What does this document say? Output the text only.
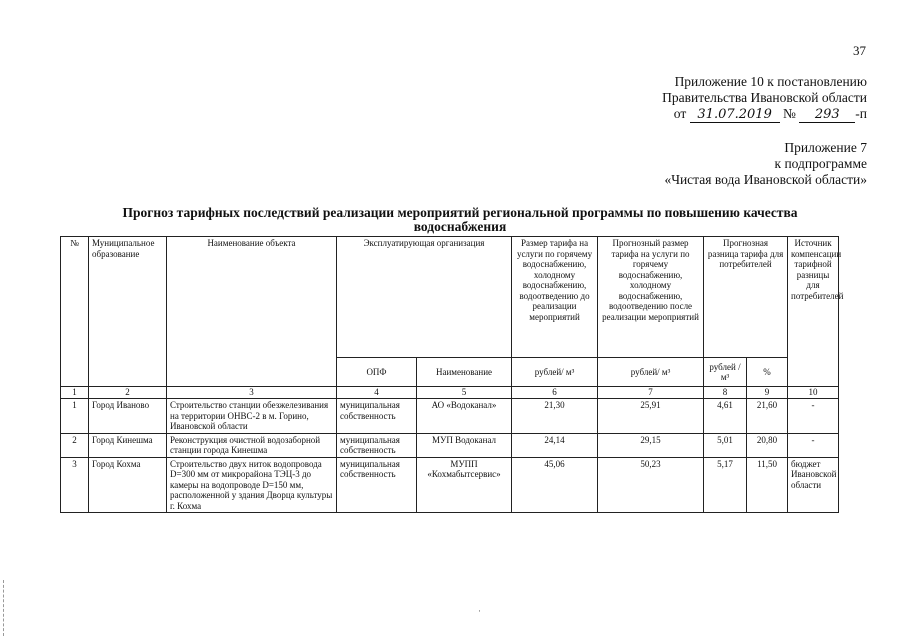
37
Приложение 10 к постановлению
Правительства Ивановской области
от 31.07.2019 № 293 -п
Приложение 7
к подпрограмме
«Чистая вода Ивановской области»
Прогноз тарифных последствий реализации мероприятий региональной программы по повышению качества водоснабжения
№	Муниципальное образование	Наименование объекта	Эксплуатирующая организация		Размер тарифа на услуги по горячему водоснабжению, холодному водоснабжению, водоотведению до реализации мероприятий	Прогнозный размер тарифа на услуги по горячему водоснабжению, холодному водоснабжению, водоотведению после реализации мероприятий	Прогнозная разница тарифа для потребителей		Источник компенсации тарифной разницы для потребителей
			ОПФ	Наименование	рублей/ м³	рублей/ м³	рублей / м³	%	
1	2	3	4	5	6	7	8	9	10
1	Город Иваново	Строительство станции обезжелезивания на территории ОНВС-2 в м. Горино, Ивановской области	муниципальная собственность	АО «Водоканал»	21,30	25,91	4,61	21,60	-
2	Город Кинешма	Реконструкция очистной водозаборной станции города Кинешма	муниципальная собственность	МУП Водоканал	24,14	29,15	5,01	20,80	-
3	Город Кохма	Строительство двух ниток водопровода D=300 мм от микрорайона ТЭЦ-3 до камеры на водопроводе D=150 мм, расположенной у здания Дворца культуры г. Кохма	муниципальная собственность	МУПП «Кохмабытсервис»	45,06	50,23	5,17	11,50	бюджет Ивановской области
·
